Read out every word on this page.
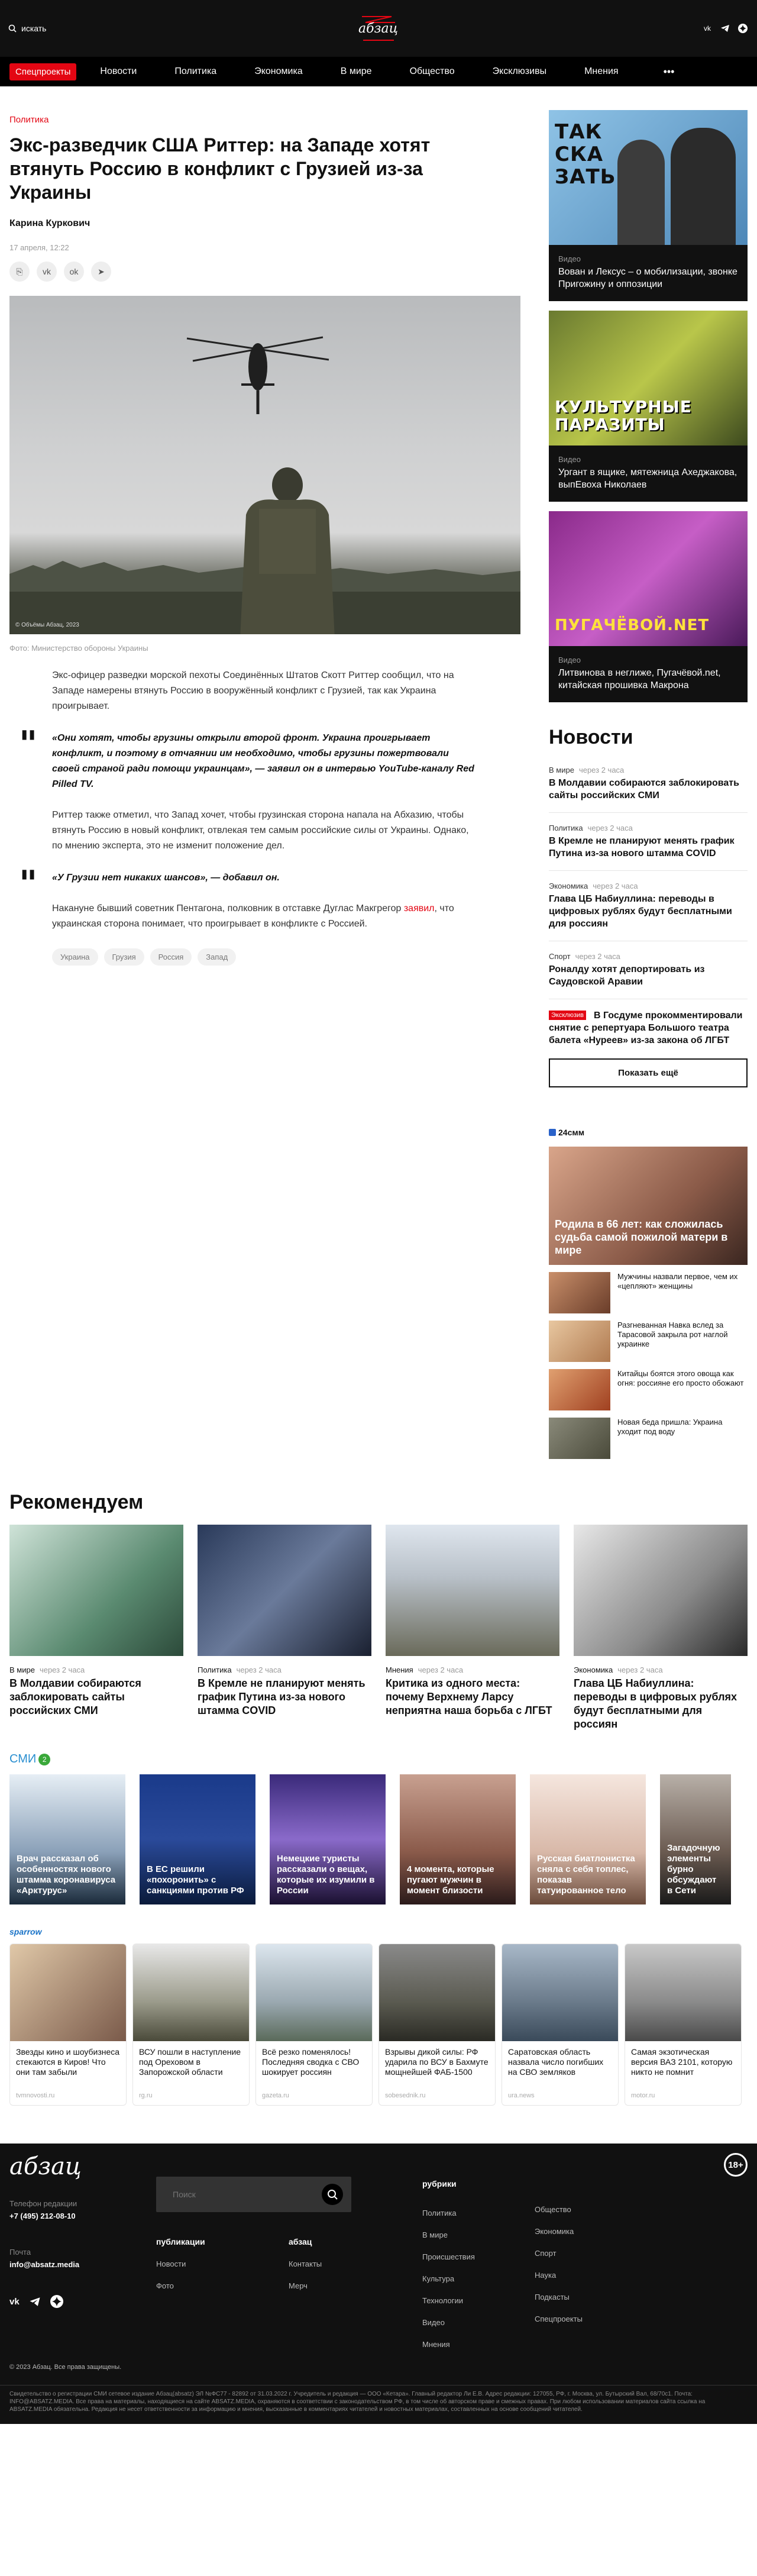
искать	абзац	vk
Спецпроекты	Новости	Политика	Экономика	В мире	Общество	Эксклюзивы	Мнения	•••
Политика
Экс-разведчик США Риттер: на Западе хотят втянуть Россию в конфликт с Грузией из-за Украины
Карина Куркович
17 апреля, 12:22
⎘	vk	ok	➤
© Объёмы Абзац, 2023
Фото: Министерство обороны Украины

Экс-офицер разведки морской пехоты Соединённых Штатов Скотт Риттер сообщил, что на Западе намерены втянуть Россию в вооружённый конфликт с Грузией, так как Украина проигрывает.

" «Они хотят, чтобы грузины открыли второй фронт. Украина проигрывает конфликт, и поэтому в отчаянии им необходимо, чтобы грузины пожертвовали своей страной ради помощи украинцам», — заявил он в интервью YouTube-каналу Red Pilled TV.

Риттер также отметил, что Запад хочет, чтобы грузинская сторона напала на Абхазию, чтобы втянуть Россию в новый конфликт, отвлекая тем самым российские силы от Украины. Однако, по мнению эксперта, это не изменит положение дел.

" «У Грузии нет никаких шансов», — добавил он.

Накануне бывший советник Пентагона, полковник в отставке Дуглас Макгрегор заявил, что украинская сторона понимает, что проигрывает в конфликте с Россией.

Украина	Грузия	Россия	Запад
ТАК СКА ЗАТЬ
Видео
Вован и Лексус – о мобилизации, звонке Пригожину и оппозиции
КУЛЬТУРНЫЕ ПАРАЗИТЫ
Видео
Ургант в ящике, мятежница Ахеджакова, выпЕвоха Николаев
ПУГАЧЁВОЙ.NET
Видео
Литвинова в неглиже, Пугачёвой.net, китайская прошивка Макрона
Новости
В мире через 2 часа
В Молдавии собираются заблокировать сайты российских СМИ
Политика через 2 часа
В Кремле не планируют менять график Путина из-за нового штамма COVID
Экономика через 2 часа
Глава ЦБ Набиуллина: переводы в цифровых рублях будут бесплатными для россиян
Спорт через 2 часа
Роналду хотят депортировать из Саудовской Аравии
Эксклюзив	В Госдуме прокомментировали снятие с репертуара Большого театра балета «Нуреев» из-за закона об ЛГБТ
Показать ещё
24смм
Родила в 66 лет: как сложилась судьба самой пожилой матери в мире
Мужчины назвали первое, чем их «цепляют» женщины
Разгневанная Навка вслед за Тарасовой закрыла рот наглой украинке
Китайцы боятся этого овоща как огня: россияне его просто обожают
Новая беда пришла: Украина уходит под воду
Рекомендуем
В мире через 2 часа
В Молдавии собираются заблокировать сайты российских СМИ
Политика через 2 часа
В Кремле не планируют менять график Путина из-за нового штамма COVID
Мнения через 2 часа
Критика из одного места: почему Верхнему Ларсу неприятна наша борьба с ЛГБТ
Экономика через 2 часа
Глава ЦБ Набиуллина: переводы в цифровых рублях будут бесплатными для россиян
СМИ 2
Врач рассказал об особенностях нового штамма коронавируса «Арктурус»
В ЕС решили «похоронить» с санкциями против РФ
Немецкие туристы рассказали о вещах, которые их изумили в России
4 момента, которые пугают мужчин в момент близости
Русская биатлонистка сняла с себя топлес, показав татуированное тело
Загадочную элементы бурно обсуждают в Сети
sparrow
Звезды кино и шоубизнеса стекаются в Киров! Что они там забыли
tvmnovosti.ru
ВСУ пошли в наступление под Ореховом в Запорожской области
rg.ru
Всё резко поменялось! Последняя сводка с СВО шокирует россиян
gazeta.ru
Взрывы дикой силы: РФ ударила по ВСУ в Бахмуте мощнейшей ФАБ-1500
sobesednik.ru
Саратовская область назвала число погибших на СВО земляков
ura.news
Самая экзотическая версия ВАЗ 2101, которую никто не помнит
motor.ru
абзац	18+
Поиск
Телефон редакции
+7 (495) 212-08-10
Почта
info@absatz.media
vk
публикации
Новости
Фото
абзац
Контакты
Мерч
рубрики
Политика
В мире
Происшествия
Культура
Технологии
Видео
Мнения
Общество
Экономика
Спорт
Наука
Подкасты
Спецпроекты
© 2023 Абзац. Все права защищены.
Свидетельство о регистрации СМИ сетевое издание Абзац(absatz) ЭЛ №ФС77 - 82892 от 31.03.2022 г. Учредитель и редакция — ООО «Кетара». Главный редактор Ли Е.В. Адрес редакции: 127055, РФ, г. Москва, ул. Бутырский Вал, 68/70с1. Почта: INFO@ABSATZ.MEDIA. Все права на материалы, находящиеся на сайте ABSATZ.MEDIA, охраняются в соответствии с законодательством РФ, в том числе об авторском праве и смежных правах. При любом использовании материалов сайта ссылка на ABSATZ.MEDIA обязательна. Редакция не несет ответственности за информацию и мнения, высказанные в комментариях читателей и новостных материалах, составленных на основе сообщений читателей.
